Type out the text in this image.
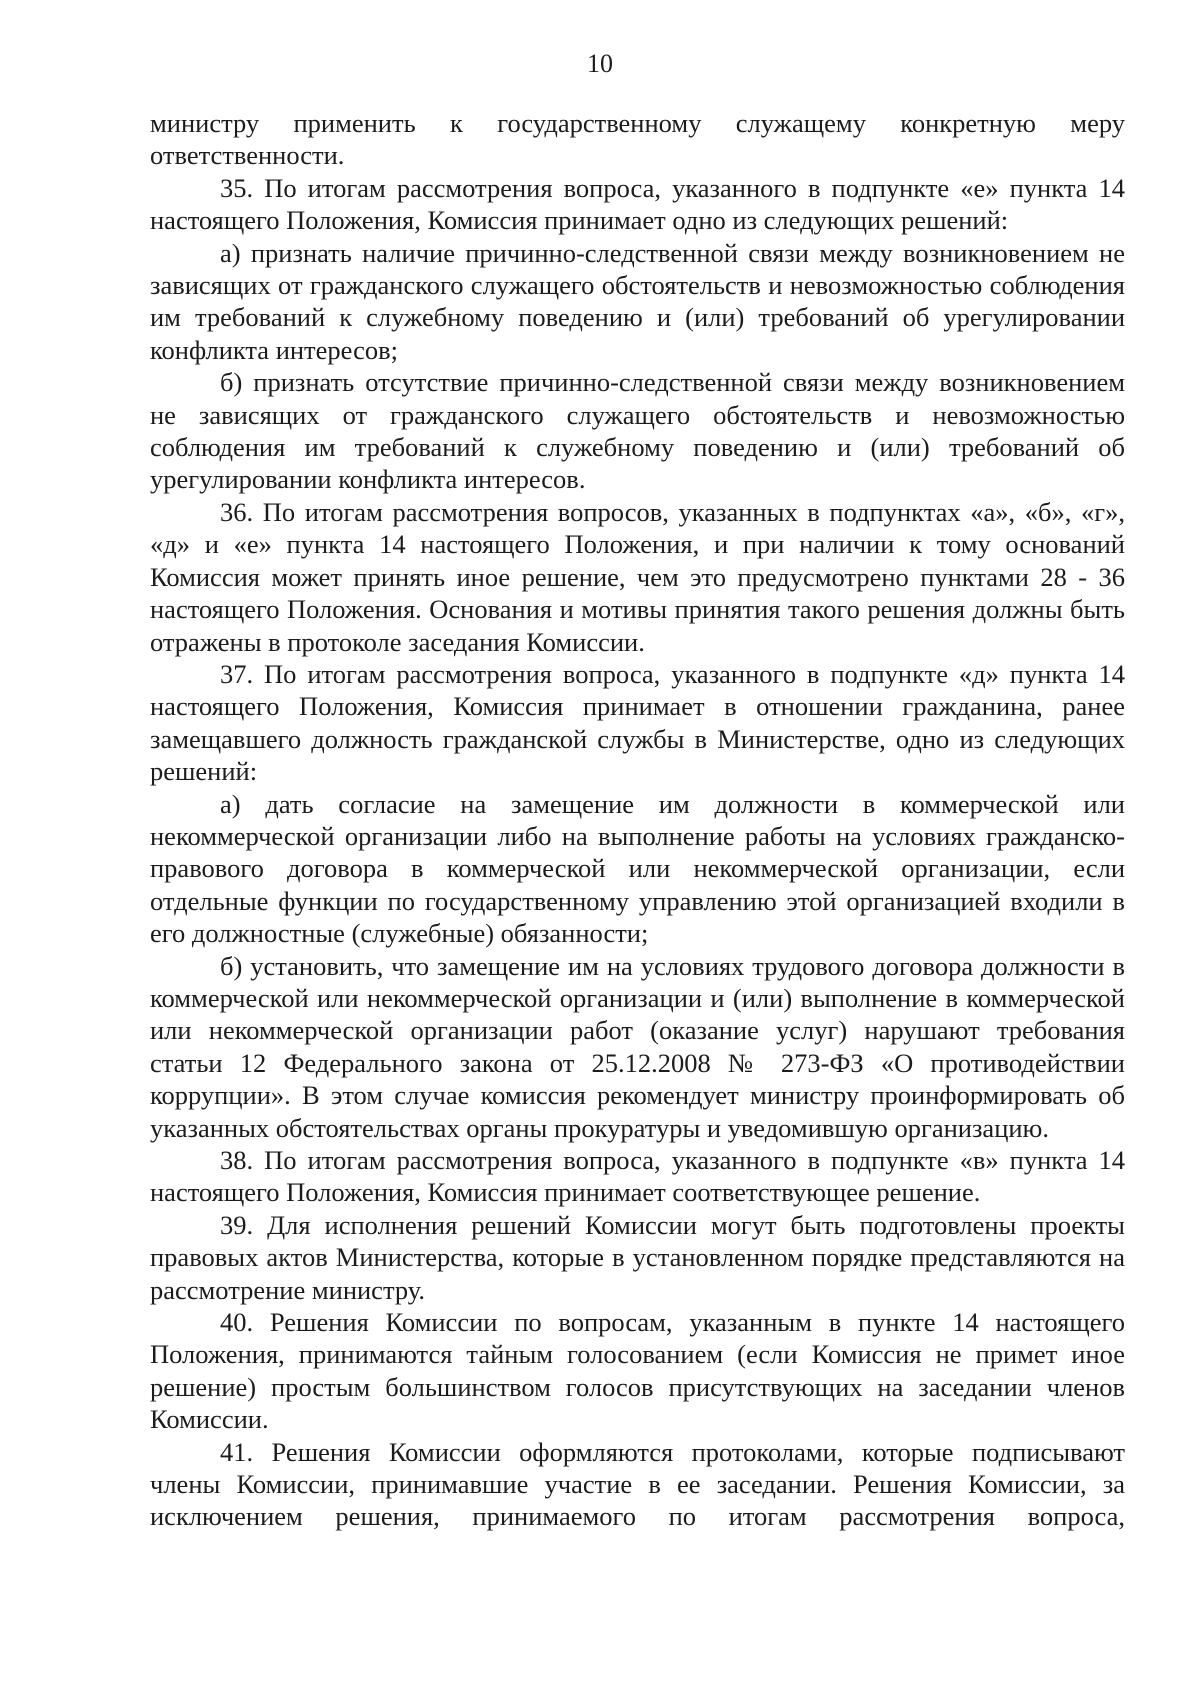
10

министру применить к государственному служащему конкретную меру ответственности.

35. По итогам рассмотрения вопроса, указанного в подпункте «е» пункта 14 настоящего Положения, Комиссия принимает одно из следующих решений:

а) признать наличие причинно-следственной связи между возникновением не зависящих от гражданского служащего обстоятельств и невозможностью соблюдения им требований к служебному поведению и (или) требований об урегулировании конфликта интересов;

б) признать отсутствие причинно-следственной связи между возникновением не зависящих от гражданского служащего обстоятельств и невозможностью соблюдения им требований к служебному поведению и (или) требований об урегулировании конфликта интересов.

36. По итогам рассмотрения вопросов, указанных в подпунктах «а», «б», «г», «д» и «е» пункта 14 настоящего Положения, и при наличии к тому оснований Комиссия может принять иное решение, чем это предусмотрено пунктами 28 - 36 настоящего Положения. Основания и мотивы принятия такого решения должны быть отражены в протоколе заседания Комиссии.

37. По итогам рассмотрения вопроса, указанного в подпункте «д» пункта 14 настоящего Положения, Комиссия принимает в отношении гражданина, ранее замещавшего должность гражданской службы в Министерстве, одно из следующих решений:

а) дать согласие на замещение им должности в коммерческой или некоммерческой организации либо на выполнение работы на условиях гражданско-правового договора в коммерческой или некоммерческой организации, если отдельные функции по государственному управлению этой организацией входили в его должностные (служебные) обязанности;

б) установить, что замещение им на условиях трудового договора должности в коммерческой или некоммерческой организации и (или) выполнение в коммерческой или некоммерческой организации работ (оказание услуг) нарушают требования статьи 12 Федерального закона от 25.12.2008 № 273-ФЗ «О противодействии коррупции». В этом случае комиссия рекомендует министру проинформировать об указанных обстоятельствах органы прокуратуры и уведомившую организацию.

38. По итогам рассмотрения вопроса, указанного в подпункте «в» пункта 14 настоящего Положения, Комиссия принимает соответствующее решение.

39. Для исполнения решений Комиссии могут быть подготовлены проекты правовых актов Министерства, которые в установленном порядке представляются на рассмотрение министру.

40. Решения Комиссии по вопросам, указанным в пункте 14 настоящего Положения, принимаются тайным голосованием (если Комиссия не примет иное решение) простым большинством голосов присутствующих на заседании членов Комиссии.

41. Решения Комиссии оформляются протоколами, которые подписывают члены Комиссии, принимавшие участие в ее заседании. Решения Комиссии, за исключением решения, принимаемого по итогам рассмотрения вопроса,
